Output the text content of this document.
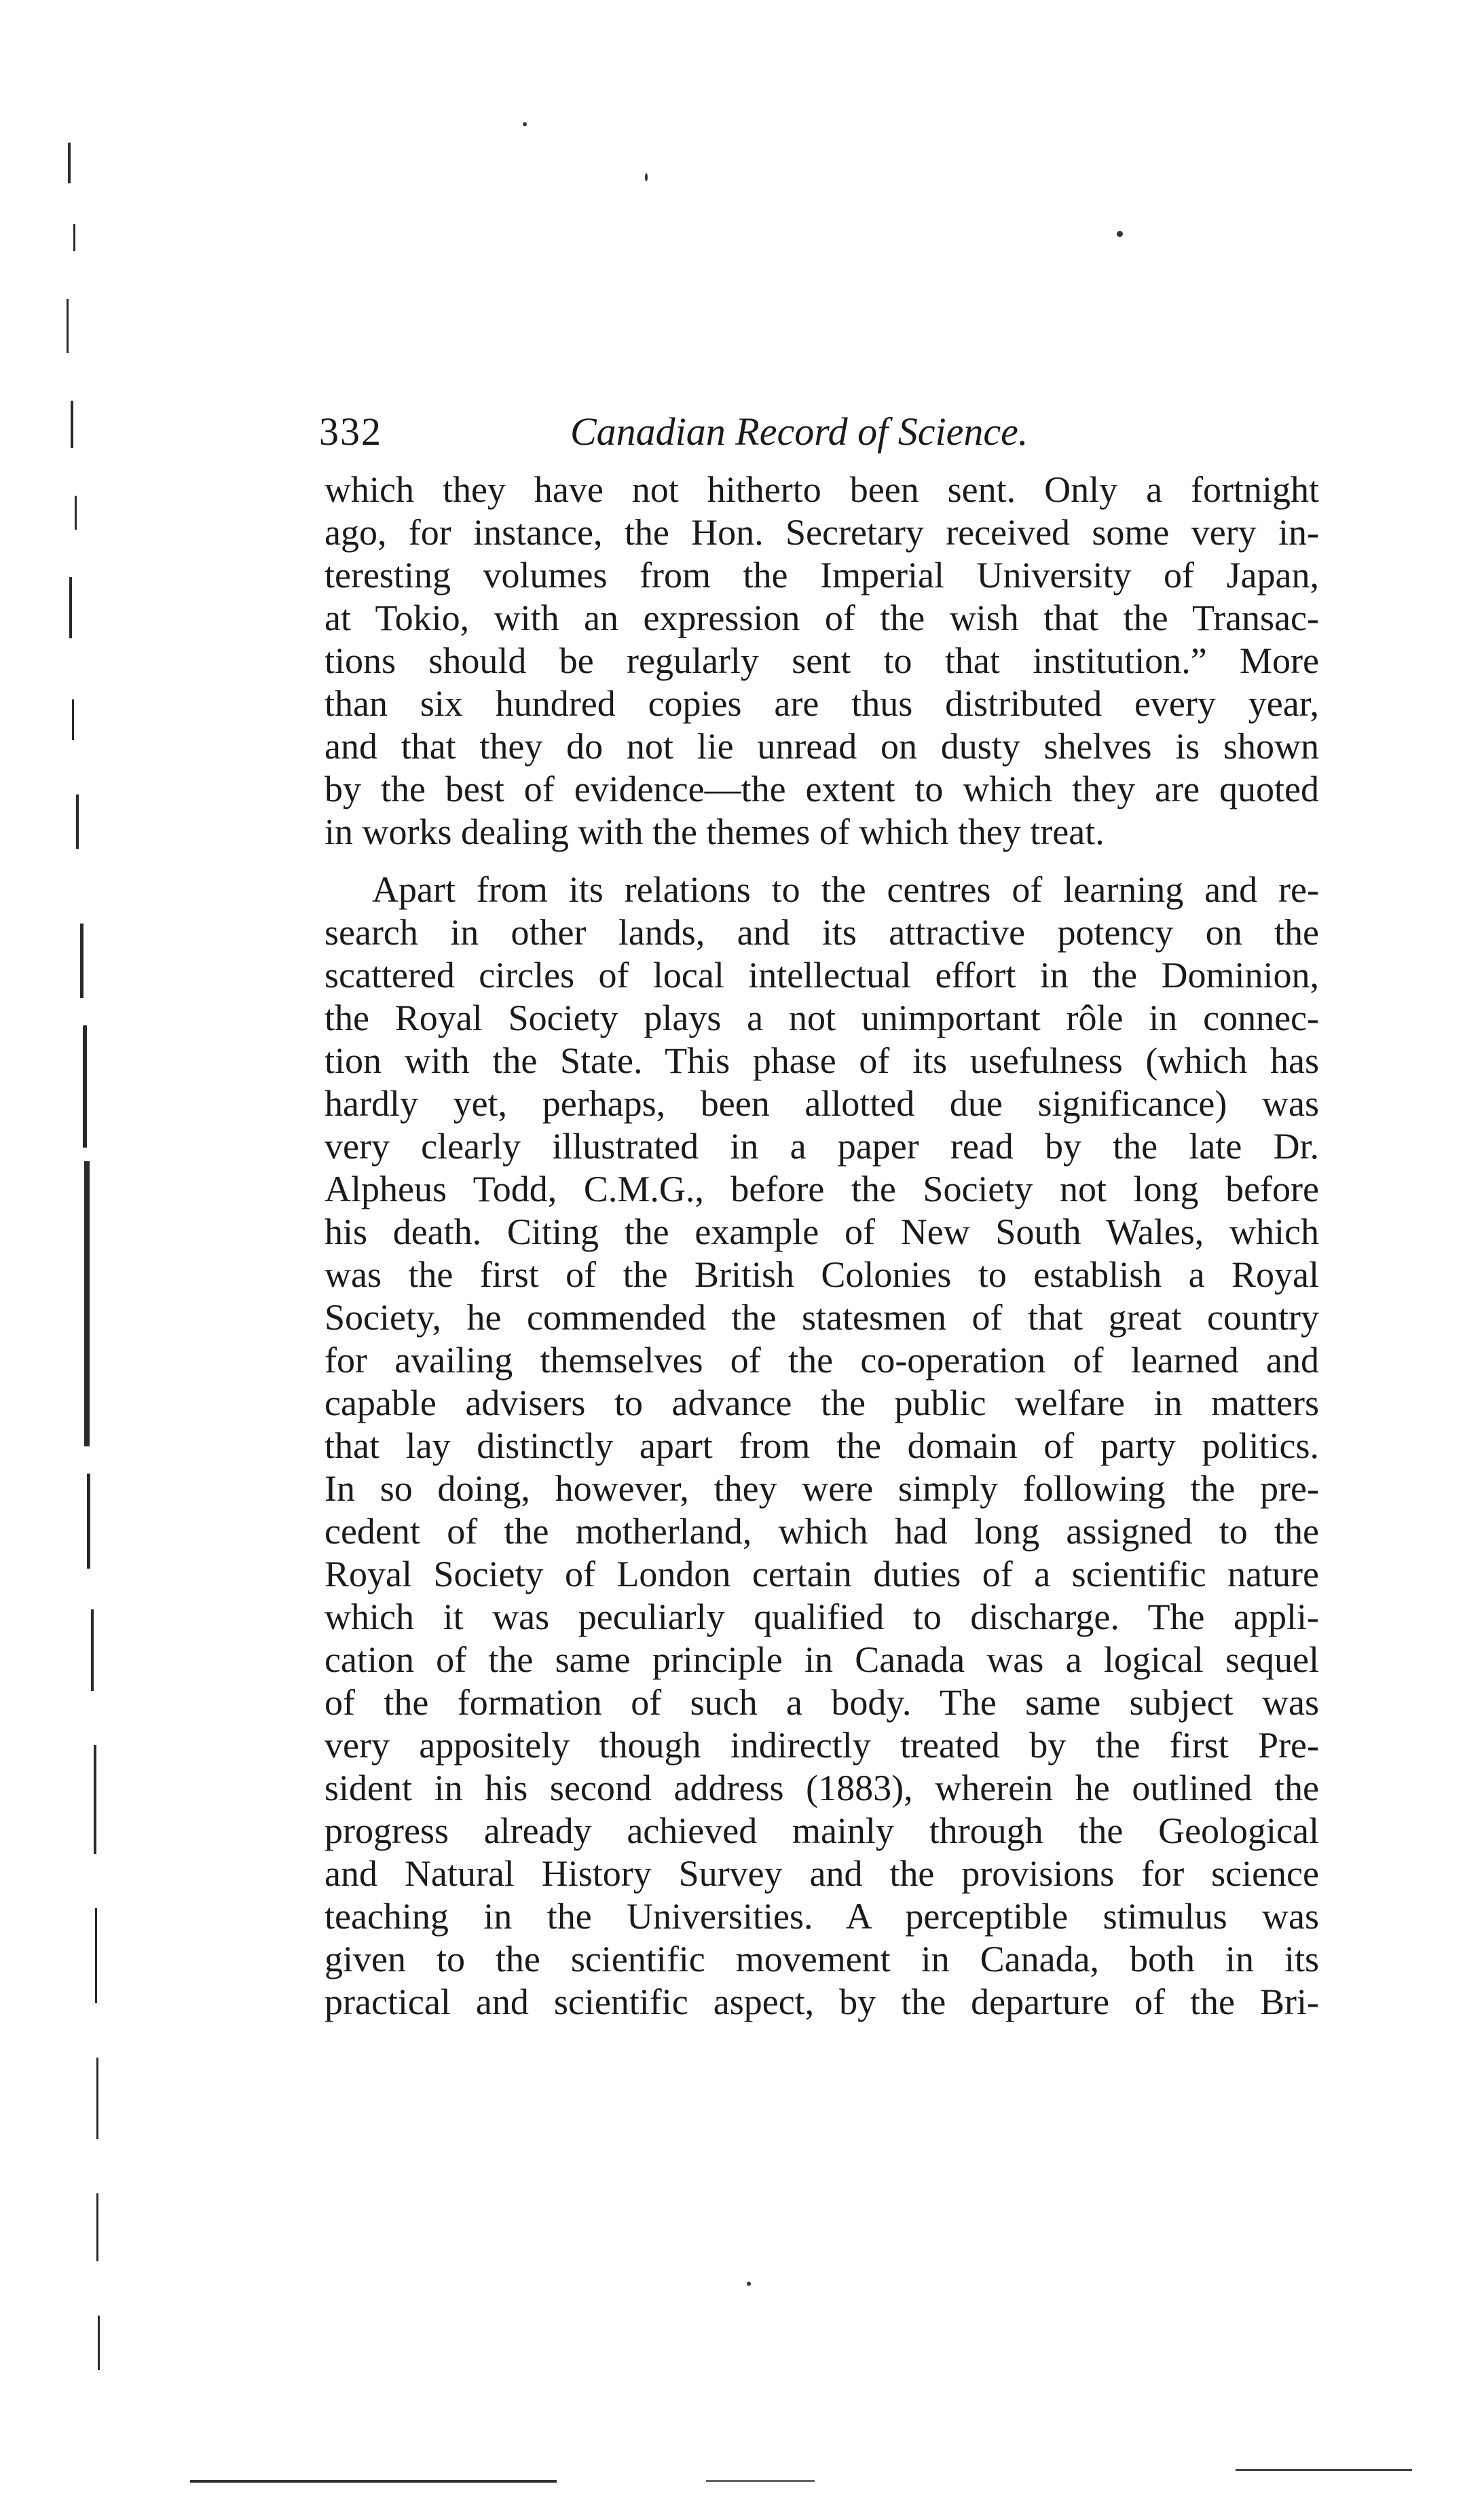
332	Canadian Record of Science.
which they have not hitherto been sent. Only a fortnight
ago, for instance, the Hon. Secretary received some very in-
teresting volumes from the Imperial University of Japan,
at Tokio, with an expression of the wish that the Transac-
tions should be regularly sent to that institution.” More
than six hundred copies are thus distributed every year,
and that they do not lie unread on dusty shelves is shown
by the best of evidence—the extent to which they are quoted
in works dealing with the themes of which they treat.
Apart from its relations to the centres of learning and re-
search in other lands, and its attractive potency on the
scattered circles of local intellectual effort in the Dominion,
the Royal Society plays a not unimportant rôle in connec-
tion with the State. This phase of its usefulness (which has
hardly yet, perhaps, been allotted due significance) was
very clearly illustrated in a paper read by the late Dr.
Alpheus Todd, C.M.G., before the Society not long before
his death. Citing the example of New South Wales, which
was the first of the British Colonies to establish a Royal
Society, he commended the statesmen of that great country
for availing themselves of the co-operation of learned and
capable advisers to advance the public welfare in matters
that lay distinctly apart from the domain of party politics.
In so doing, however, they were simply following the pre-
cedent of the motherland, which had long assigned to the
Royal Society of London certain duties of a scientific nature
which it was peculiarly qualified to discharge. The appli-
cation of the same principle in Canada was a logical sequel
of the formation of such a body. The same subject was
very appositely though indirectly treated by the first Pre-
sident in his second address (1883), wherein he outlined the
progress already achieved mainly through the Geological
and Natural History Survey and the provisions for science
teaching in the Universities. A perceptible stimulus was
given to the scientific movement in Canada, both in its
practical and scientific aspect, by the departure of the Bri-
